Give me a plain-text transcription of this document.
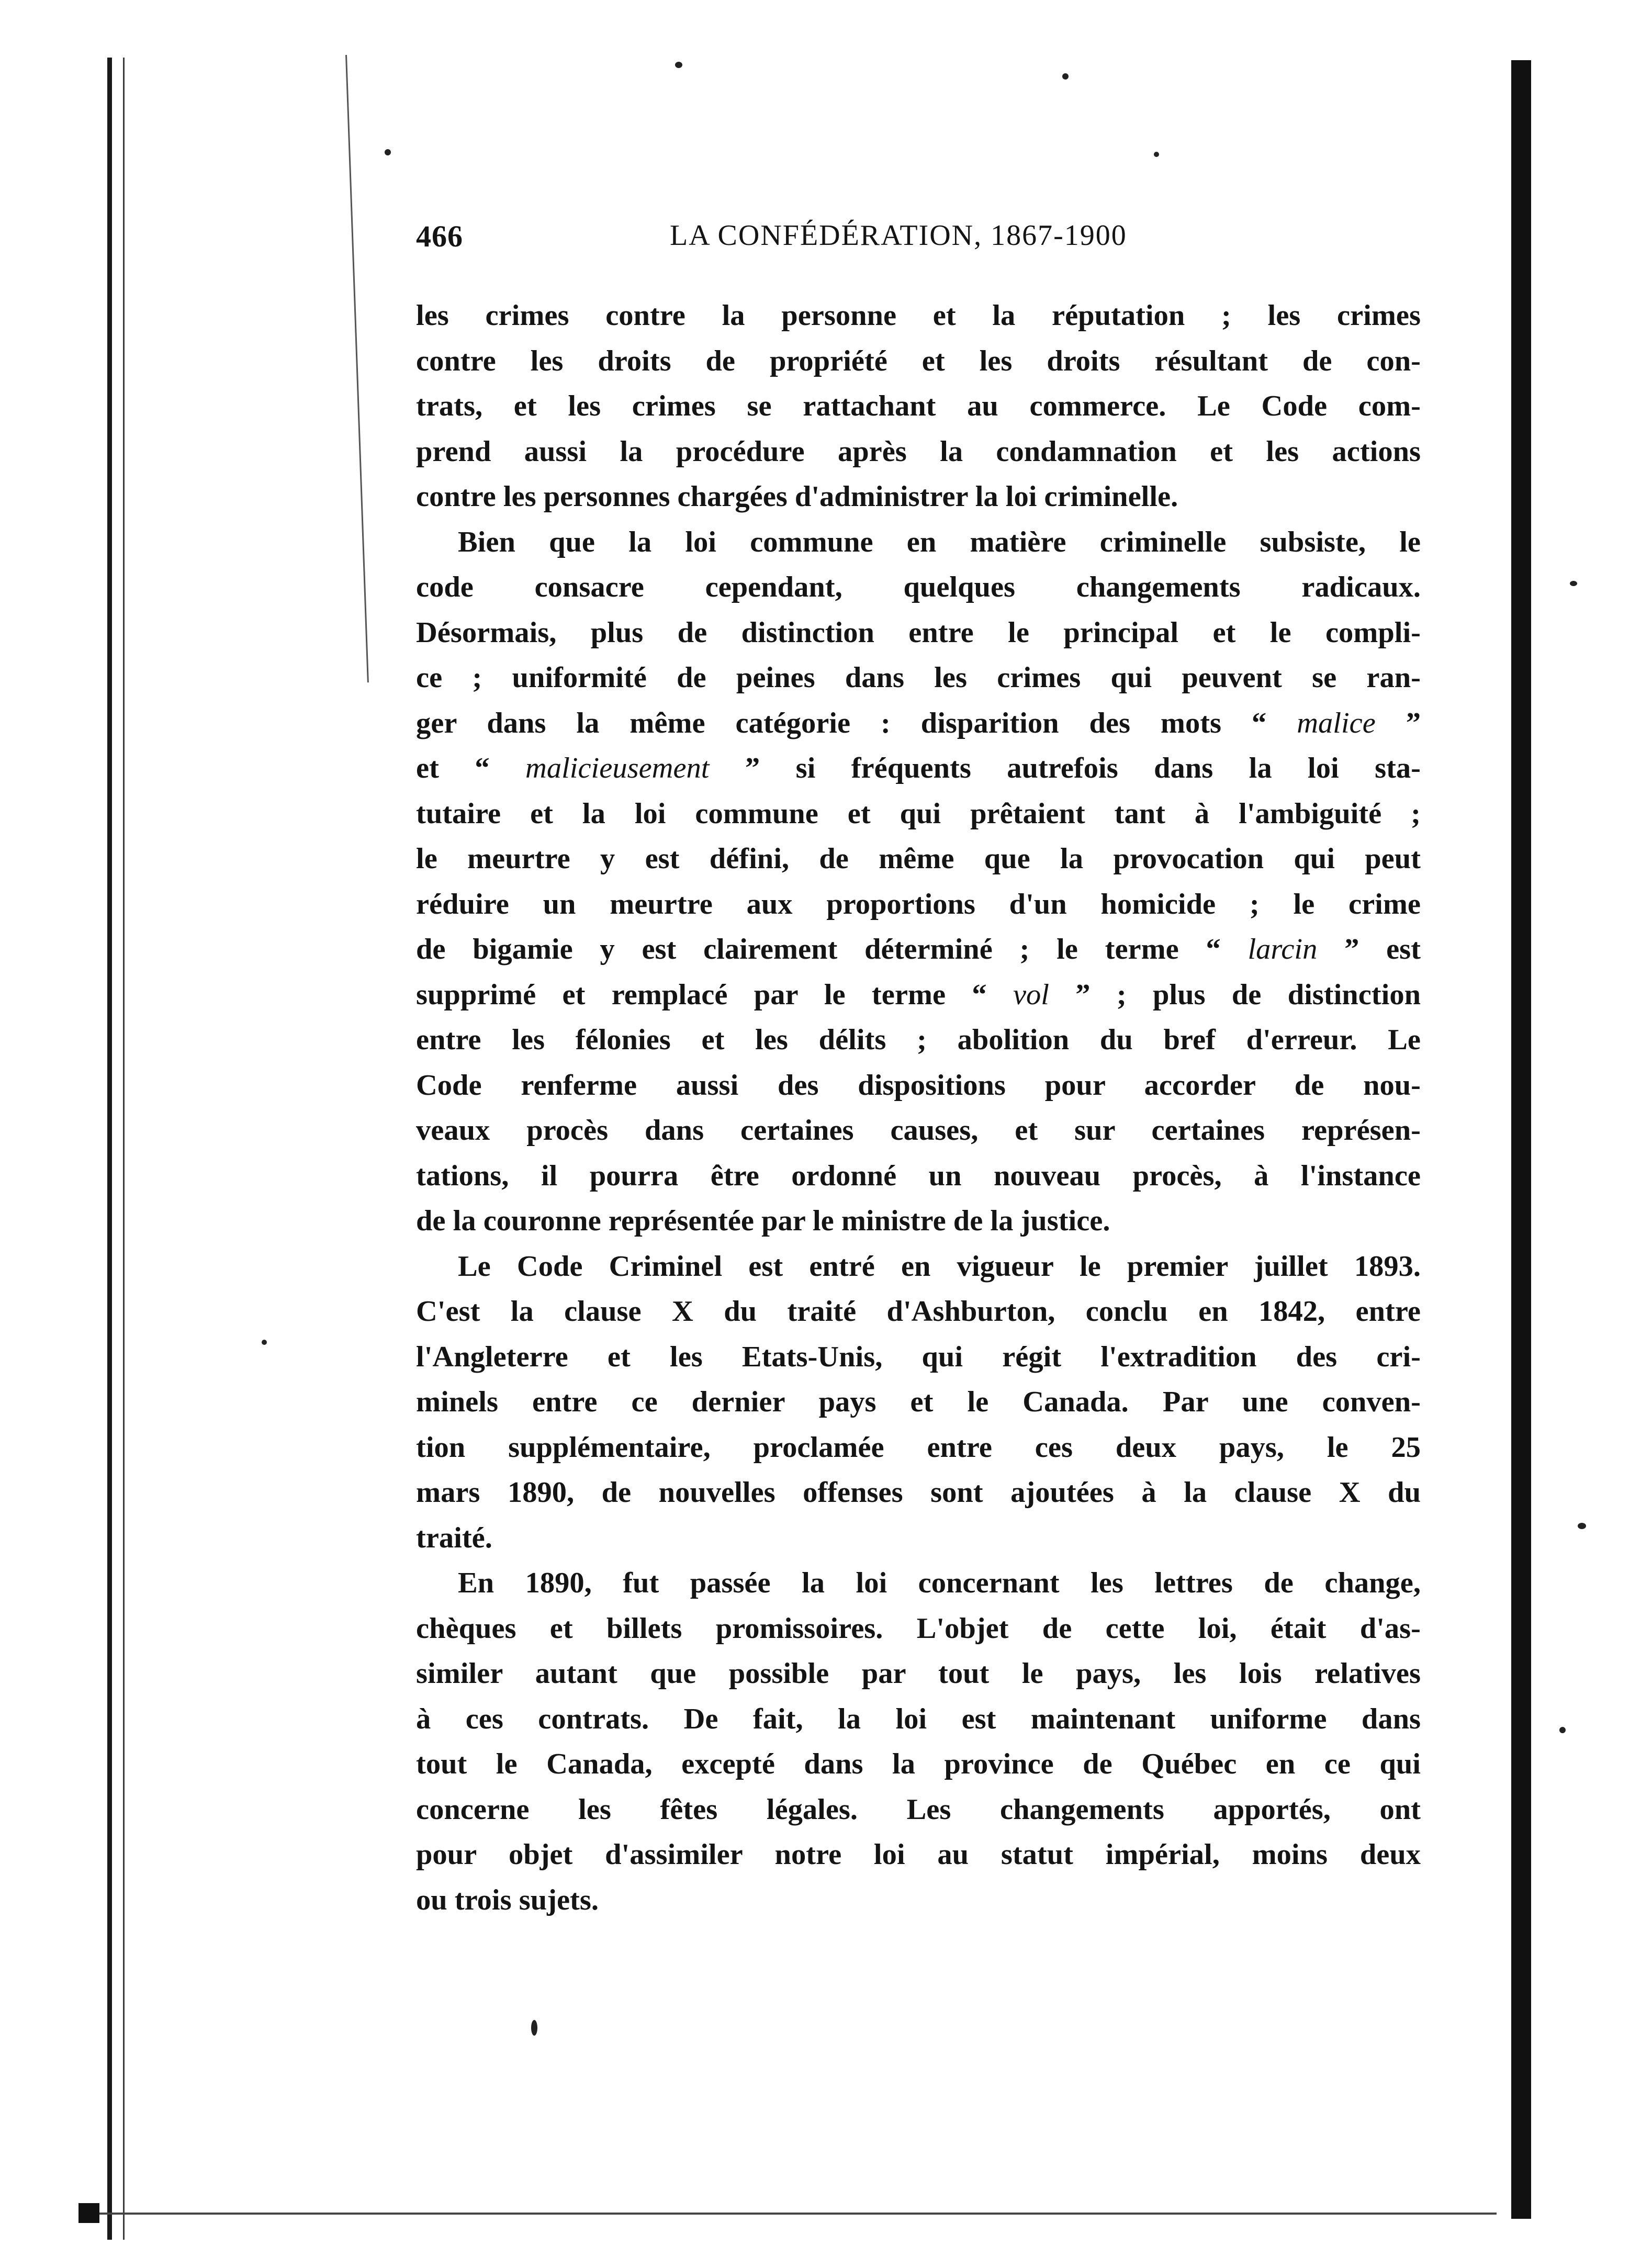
466	LA CONFÉDÉRATION, 1867-1900
les crimes contre la personne et la réputation ; les crimes
contre les droits de propriété et les droits résultant de con-
trats, et les crimes se rattachant au commerce. Le Code com-
prend aussi la procédure après la condamnation et les actions
contre les personnes chargées d'administrer la loi criminelle.
Bien que la loi commune en matière criminelle subsiste, le
code consacre cependant, quelques changements radicaux.
Désormais, plus de distinction entre le principal et le compli-
ce ; uniformité de peines dans les crimes qui peuvent se ran-
ger dans la même catégorie : disparition des mots “ malice ”
et “ malicieusement ” si fréquents autrefois dans la loi sta-
tutaire et la loi commune et qui prêtaient tant à l'ambiguité ;
le meurtre y est défini, de même que la provocation qui peut
réduire un meurtre aux proportions d'un homicide ; le crime
de bigamie y est clairement déterminé ; le terme “ larcin ” est
supprimé et remplacé par le terme “ vol ” ; plus de distinction
entre les félonies et les délits ; abolition du bref d'erreur. Le
Code renferme aussi des dispositions pour accorder de nou-
veaux procès dans certaines causes, et sur certaines représen-
tations, il pourra être ordonné un nouveau procès, à l'instance
de la couronne représentée par le ministre de la justice.
Le Code Criminel est entré en vigueur le premier juillet 1893.
C'est la clause X du traité d'Ashburton, conclu en 1842, entre
l'Angleterre et les Etats-Unis, qui régit l'extradition des cri-
minels entre ce dernier pays et le Canada. Par une conven-
tion supplémentaire, proclamée entre ces deux pays, le 25
mars 1890, de nouvelles offenses sont ajoutées à la clause X du
traité.
En 1890, fut passée la loi concernant les lettres de change,
chèques et billets promissoires. L'objet de cette loi, était d'as-
similer autant que possible par tout le pays, les lois relatives
à ces contrats. De fait, la loi est maintenant uniforme dans
tout le Canada, excepté dans la province de Québec en ce qui
concerne les fêtes légales. Les changements apportés, ont
pour objet d'assimiler notre loi au statut impérial, moins deux
ou trois sujets.
